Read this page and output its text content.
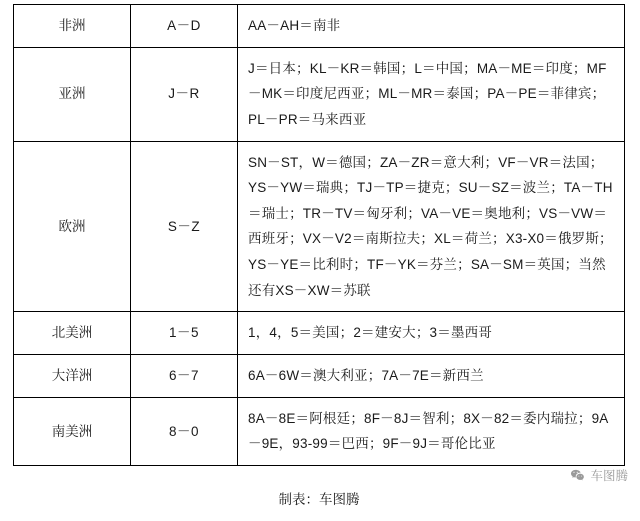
非洲	A－D	AA－AH＝南非
亚洲	J－R	J＝日本；KL－KR＝韩国；L＝中国；MA－ME＝印度；MF－MK＝印度尼西亚；ML－MR＝泰国；PA－PE＝菲律宾；PL－PR＝马来西亚
欧洲	S－Z	SN－ST，W＝德国；ZA－ZR＝意大利；VF－VR＝法国；YS－YW＝瑞典；TJ－TP＝捷克；SU－SZ＝波兰；TA－TH＝瑞士；TR－TV＝匈牙利；VA－VE＝奥地利；VS－VW＝西班牙；VX－V2＝南斯拉夫；XL＝荷兰；X3-X0＝俄罗斯；YS－YE＝比利时；TF－YK＝芬兰；SA－SM＝英国；当然还有XS－XW＝苏联
北美洲	1－5	1，4，5＝美国；2＝建安大；3＝墨西哥
大洋洲	6－7	6A－6W＝澳大利亚；7A－7E＝新西兰
南美洲	8－0	8A－8E＝阿根廷；8F－8J＝智利；8X－82＝委内瑞拉；9A－9E，93-99＝巴西；9F－9J＝哥伦比亚
制表：车图腾
车图腾
